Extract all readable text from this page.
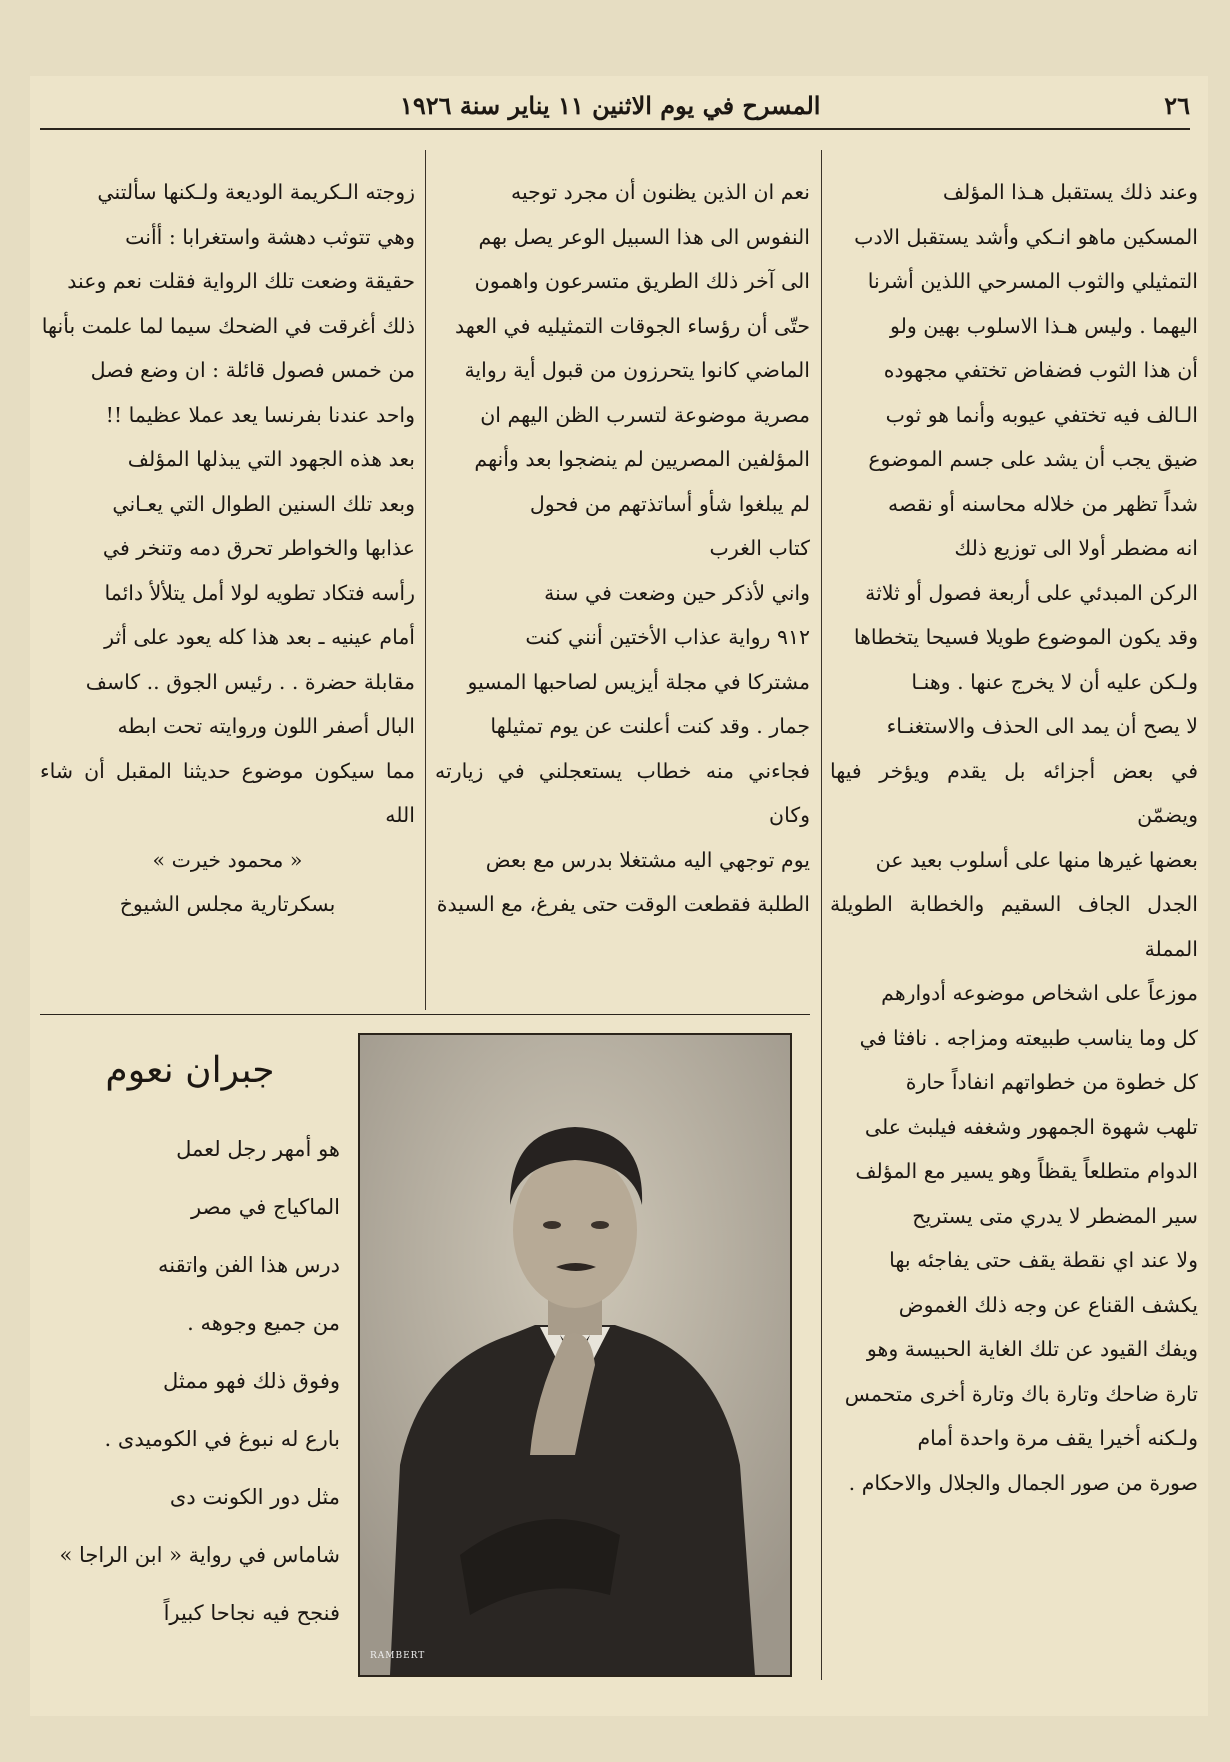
٢٦
المسرح في يوم الاثنين ١١ يناير سنة ١٩٢٦

وعند ذلك يستقبل هـذا المؤلف

المسكين ماهو انـكي وأشد يستقبل الادب

التمثيلي والثوب المسرحي اللذين أشرنا

اليهما . وليس هـذا الاسلوب بهين ولو

أن هذا الثوب فضفاض تختفي مجهوده

الـالف فيه تختفي عيوبه وأنما هو ثوب

ضيق يجب أن يشد على جسم الموضوع

شداً تظهر من خلاله محاسنه أو نقصه

انه مضطر أولا الى توزيع ذلك

الركن المبدئي على أربعة فصول أو ثلاثة

وقد يكون الموضوع طويلا فسيحا يتخطاها

ولـكن عليه أن لا يخرج عنها . وهنـا

لا يصح أن يمد الى الحذف والاستغنـاء

في بعض أجزائه بل يقدم ويؤخر فيها ويضمّن

بعضها غيرها منها على أسلوب بعيد عن

الجدل الجاف السقيم والخطابة الطويلة المملة

موزعاً على اشخاص موضوعه أدوارهم

كل وما يناسب طبيعته ومزاجه . نافثا في

كل خطوة من خطواتهم انفاداً حارة

تلهب شهوة الجمهور وشغفه فيلبث على

الدوام متطلعاً يقظاً وهو يسير مع المؤلف

سير المضطر لا يدري متى يستريح

ولا عند اي نقطة يقف حتى يفاجئه بها

يكشف القناع عن وجه ذلك الغموض

ويفك القيود عن تلك الغاية الحبيسة وهو

تارة ضاحك وتارة باك وتارة أخرى متحمس

ولـكنه أخيرا يقف مرة واحدة أمام

صورة من صور الجمال والجلال والاحكام .

نعم ان الذين يظنون أن مجرد توجيه

النفوس الى هذا السبيل الوعر يصل بهم

الى آخر ذلك الطريق متسرعون واهمون

حتّى أن رؤساء الجوقات التمثيليه في العهد

الماضي كانوا يتحرزون من قبول أية رواية

مصرية موضوعة لتسرب الظن اليهم ان

المؤلفين المصريين لم ينضجوا بعد وأنهم

لم يبلغوا شأو أساتذتهم من فحول

كتاب الغرب

واني لأذكر حين وضعت في سنة

٩١٢ رواية عذاب الأختين أنني كنت

مشتركا في مجلة أيزيس لصاحبها المسيو

جمار . وقد كنت أعلنت عن يوم تمثيلها

فجاءني منه خطاب يستعجلني في زيارته وكان

يوم توجهي اليه مشتغلا بدرس مع بعض

الطلبة فقطعت الوقت حتى يفرغ، مع السيدة

زوجته الـكريمة الوديعة ولـكنها سألتني

وهي تتوثب دهشة واستغرابا : أأنت

حقيقة وضعت تلك الرواية فقلت نعم وعند

ذلك أغرقت في الضحك سيما لما علمت بأنها

من خمس فصول قائلة : ان وضع فصل

واحد عندنا بفرنسا يعد عملا عظيما !!

بعد هذه الجهود التي يبذلها المؤلف

وبعد تلك السنين الطوال التي يعـاني

عذابها والخواطر تحرق دمه وتنخر في

رأسه فتكاد تطويه لولا أمل يتلألأ دائما

أمام عينيه ـ بعد هذا كله يعود على أثر

مقابلة حضرة . . رئيس الجوق .. كاسف

البال أصفر اللون وروايته تحت ابطه

مما سيكون موضوع حديثنا المقبل أن شاء الله

« محمود خيرت »

بسكرتارية مجلس الشيوخ

RAMBERT
جبران نعوم

هو أمهر رجل لعمل

الماكياج في مصر

درس هذا الفن واتقنه

من جميع وجوهه .

وفوق ذلك فهو ممثل

بارع له نبوغ في الكوميدى .

مثل دور الكونت دى

شاماس في رواية « ابن الراجا »

فنجح فيه نجاحا كبيراً
